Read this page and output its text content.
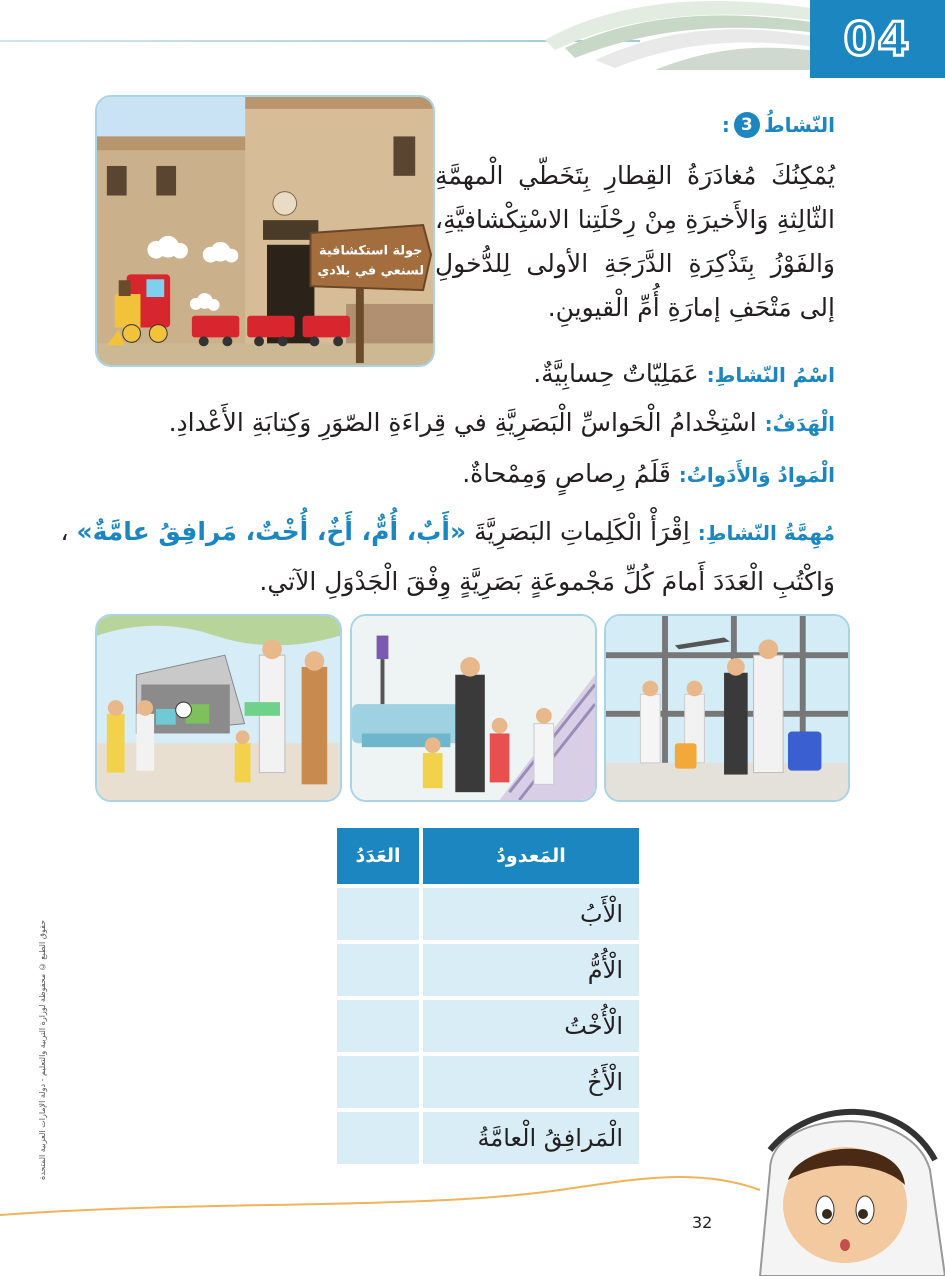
04
جولة استكشافية
لسنعي في بلادي
النّشاطُ
3
:
يُمْكِنُكَ مُغادَرَةُ القِطارِ بِتَخَطّي الْمهمَّةِ الثّالِثةِ وَالأَخيرَةِ مِنْ رِحْلَتِنا الاسْتِكْشافيَّةِ، وَالفَوْزُ بِتَذْكِرَةِ الدَّرَجَةِ الأولى لِلدُّخولِ إلى مَتْحَفِ إمارَةِ أُمِّ الْقيوينِ.
اسْمُ النّشاطِ: عَمَلِيّاتٌ حِسابِيَّةٌ.
الْهَدَفُ: اسْتِخْدامُ الْحَواسِّ الْبَصَرِيَّةِ في قِراءَةِ الصّوَرِ وَكِتابَةِ الأَعْدادِ.
الْمَوادُ وَالأَدَواتُ: قَلَمُ رِصاصٍ وَمِمْحاةٌ.
مُهِمَّةُ النّشاطِ: اِقْرَأْ الْكَلِماتِ البَصَرِيَّةَ «أَبٌ، أُمٌّ، أَخٌ، أُخْتٌ، مَرافِقُ عامَّةٌ» ،
وَاكْتُبِ الْعَدَدَ أَمامَ كُلِّ مَجْموعَةٍ بَصَرِيَّةٍ وِفْقَ الْجَدْوَلِ الآتي.
المَعدودُ	العَدَدُ
الْأَبُ	
الْأُمُّ	
الْأُخْتُ	
الْأَخُ	
الْمَرافِقُ الْعامَّةُ	
حقوق الطبع © محفوظة لوزارة التربية والتعليم - دولة الإمارات العربية المتحدة
32
